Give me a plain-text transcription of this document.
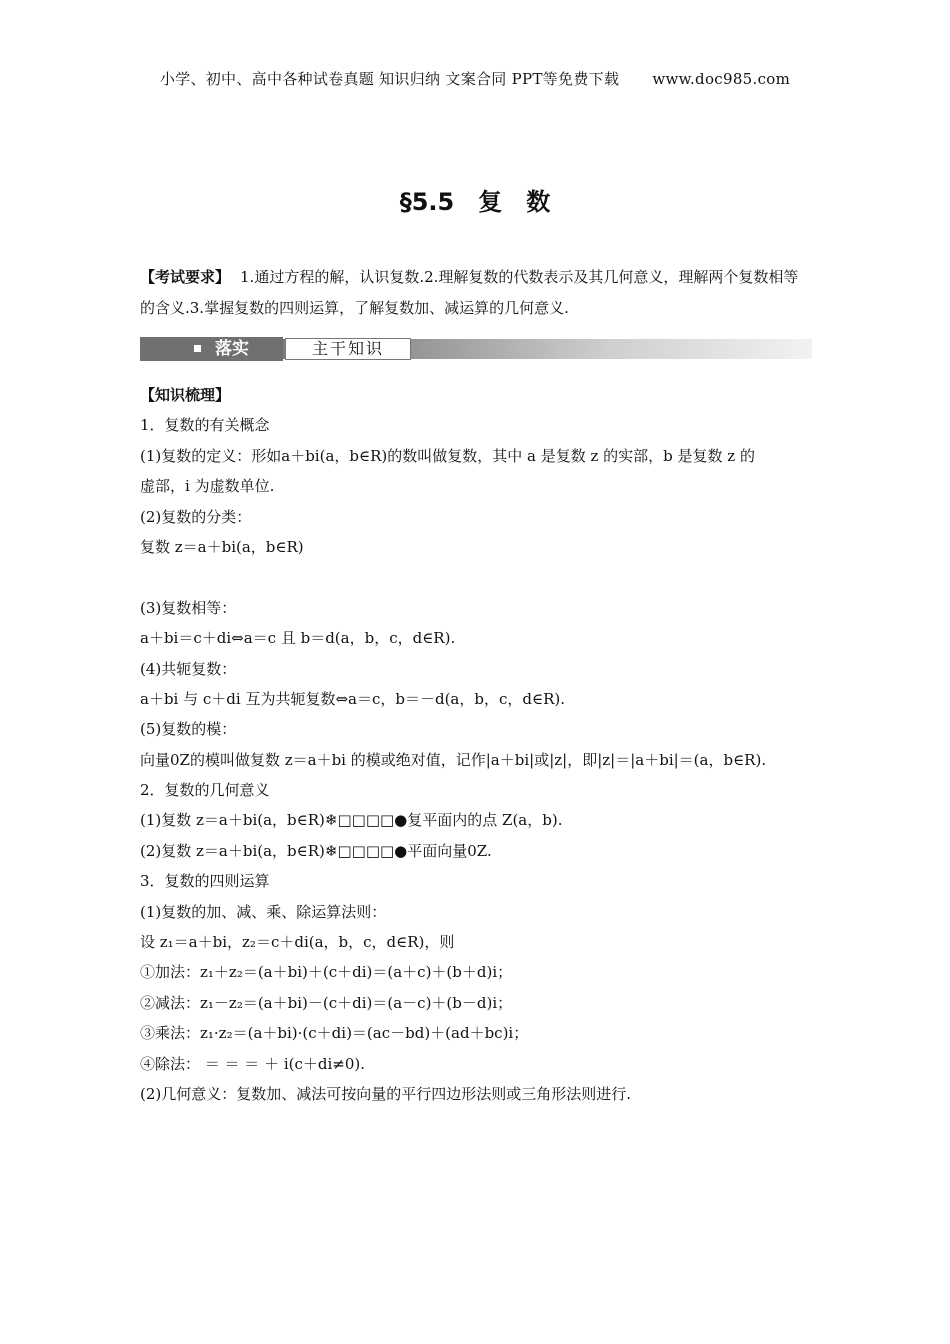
小学、初中、高中各种试卷真题 知识归纳 文案合同 PPT等免费下载 www.doc985.com
§5.5　复　数
【考试要求】 1.通过方程的解，认识复数.2.理解复数的代数表示及其几何意义，理解两个复数相等的含义.3.掌握复数的四则运算，了解复数加、减运算的几何意义.
落实	主干知识
【知识梳理】
1．复数的有关概念
(1)复数的定义：形如a＋bi(a，b∈R)的数叫做复数，其中 a 是复数 z 的实部，b 是复数 z 的
虚部，i 为虚数单位.
(2)复数的分类：
复数 z＝a＋bi(a，b∈R)
(3)复数相等：
a＋bi＝c＋di⇔a＝c 且 b＝d(a，b，c，d∈R).
(4)共轭复数：
a＋bi 与 c＋di 互为共轭复数⇔a＝c，b＝－d(a，b，c，d∈R).
(5)复数的模：
向量0Z的模叫做复数 z＝a＋bi 的模或绝对值，记作|a＋bi|或|z|，即|z|＝|a＋bi|＝(a，b∈R).
2．复数的几何意义
(1)复数 z＝a＋bi(a，b∈R)❄□□□□●复平面内的点 Z(a，b).
(2)复数 z＝a＋bi(a，b∈R)❄□□□□●平面向量0Z.
3．复数的四则运算
(1)复数的加、减、乘、除运算法则：
设 z₁＝a＋bi，z₂＝c＋di(a，b，c，d∈R)，则
①加法：z₁＋z₂＝(a＋bi)＋(c＋di)＝(a＋c)＋(b＋d)i；
②减法：z₁－z₂＝(a＋bi)－(c＋di)＝(a－c)＋(b－d)i；
③乘法：z₁·z₂＝(a＋bi)·(c＋di)＝(ac－bd)＋(ad＋bc)i；
④除法： ＝ ＝ ＝ ＋ i(c＋di≠0).
(2)几何意义：复数加、减法可按向量的平行四边形法则或三角形法则进行.
